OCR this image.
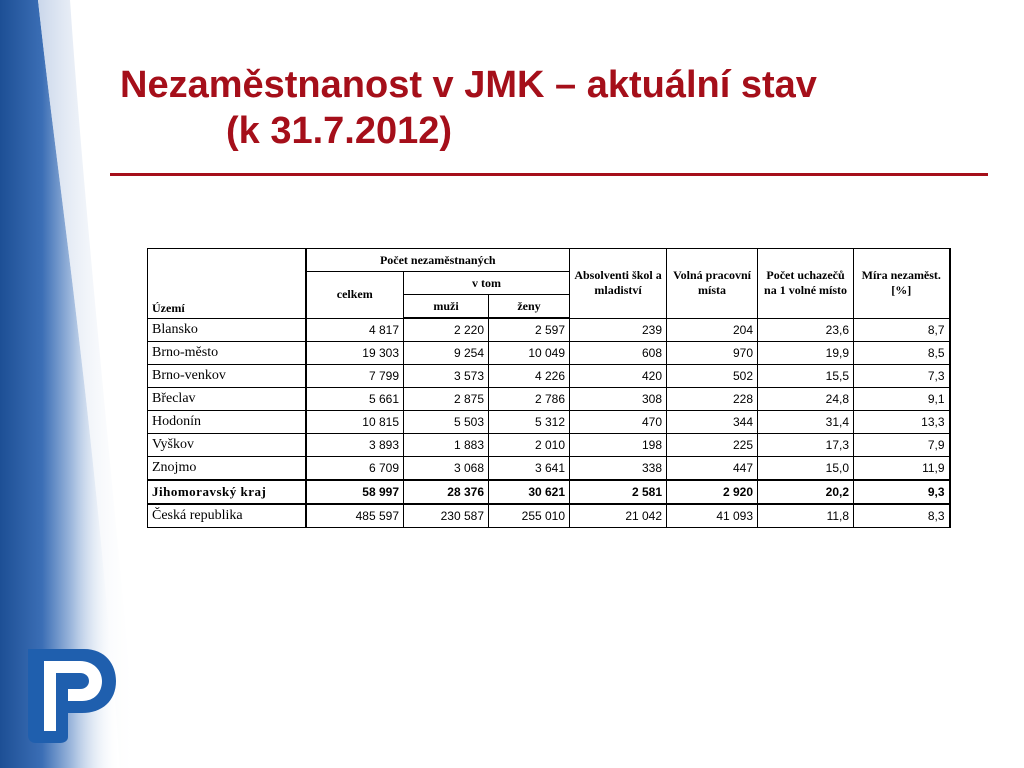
Nezaměstnanost v JMK – aktuální stav
(k 31.7.2012)
Území	Počet nezaměstnaných			Absolventi škol a mladiství	Volná pracovní místa	Počet uchazečů na 1 volné místo	Míra nezaměst. [%]
	celkem	v tom					
		muži	ženy				
Blansko	4 817	2 220	2 597	239	204	23,6	8,7
Brno-město	19 303	9 254	10 049	608	970	19,9	8,5
Brno-venkov	7 799	3 573	4 226	420	502	15,5	7,3
Břeclav	5 661	2 875	2 786	308	228	24,8	9,1
Hodonín	10 815	5 503	5 312	470	344	31,4	13,3
Vyškov	3 893	1 883	2 010	198	225	17,3	7,9
Znojmo	6 709	3 068	3 641	338	447	15,0	11,9
Jihomoravský kraj	58 997	28 376	30 621	2 581	2 920	20,2	9,3
Česká republika	485 597	230 587	255 010	21 042	41 093	11,8	8,3
